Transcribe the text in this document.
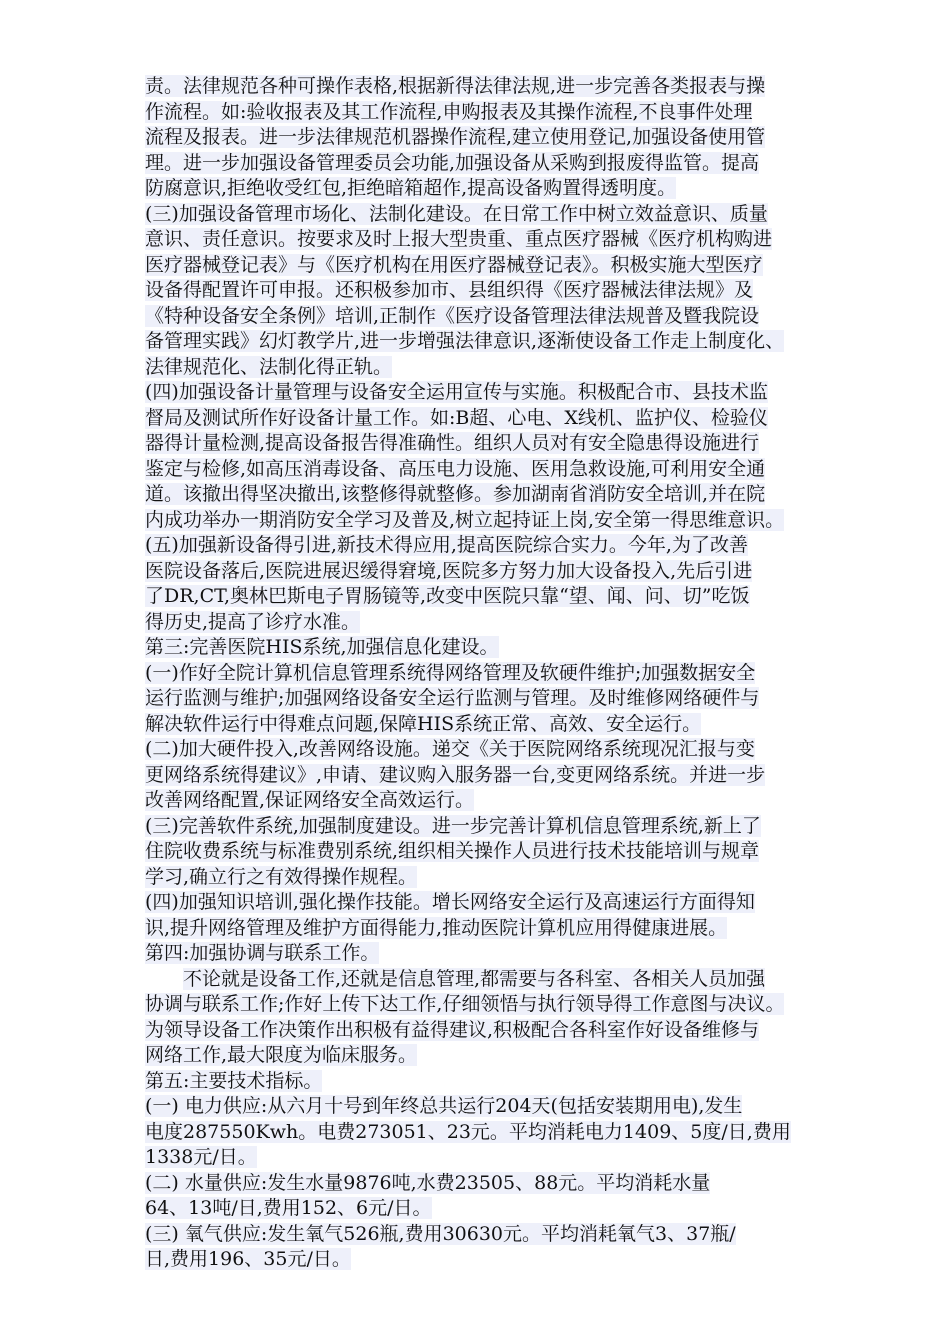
责。法律规范各种可操作表格,根据新得法律法规,进一步完善各类报表与操
作流程。如:验收报表及其工作流程,申购报表及其操作流程,不良事件处理
流程及报表。进一步法律规范机器操作流程,建立使用登记,加强设备使用管
理。进一步加强设备管理委员会功能,加强设备从采购到报废得监管。提高
防腐意识,拒绝收受红包,拒绝暗箱超作,提高设备购置得透明度。
(三)加强设备管理市场化、法制化建设。在日常工作中树立效益意识、质量
意识、责任意识。按要求及时上报大型贵重、重点医疗器械《医疗机构购进
医疗器械登记表》与《医疗机构在用医疗器械登记表》。积极实施大型医疗
设备得配置许可申报。还积极参加市、县组织得《医疗器械法律法规》及
《特种设备安全条例》培训,正制作《医疗设备管理法律法规普及暨我院设
备管理实践》幻灯教学片,进一步增强法律意识,逐渐使设备工作走上制度化、
法律规范化、法制化得正轨。
(四)加强设备计量管理与设备安全运用宣传与实施。积极配合市、县技术监
督局及测试所作好设备计量工作。如:B超、心电、X线机、监护仪、检验仪
器得计量检测,提高设备报告得准确性。组织人员对有安全隐患得设施进行
鉴定与检修,如高压消毒设备、高压电力设施、医用急救设施,可利用安全通
道。该撤出得坚决撤出,该整修得就整修。参加湖南省消防安全培训,并在院
内成功举办一期消防安全学习及普及,树立起持证上岗,安全第一得思维意识。
(五)加强新设备得引进,新技术得应用,提高医院综合实力。今年,为了改善
医院设备落后,医院进展迟缓得窘境,医院多方努力加大设备投入,先后引进
了DR,CT,奥林巴斯电子胃肠镜等,改变中医院只靠“望、闻、问、切”吃饭
得历史,提高了诊疗水准。
第三:完善医院HIS系统,加强信息化建设。
(一)作好全院计算机信息管理系统得网络管理及软硬件维护;加强数据安全
运行监测与维护;加强网络设备安全运行监测与管理。及时维修网络硬件与
解决软件运行中得难点问题,保障HIS系统正常、高效、安全运行。
(二)加大硬件投入,改善网络设施。递交《关于医院网络系统现况汇报与变
更网络系统得建议》,申请、建议购入服务器一台,变更网络系统。并进一步
改善网络配置,保证网络安全高效运行。
(三)完善软件系统,加强制度建设。进一步完善计算机信息管理系统,新上了
住院收费系统与标准费别系统,组织相关操作人员进行技术技能培训与规章
学习,确立行之有效得操作规程。
(四)加强知识培训,强化操作技能。增长网络安全运行及高速运行方面得知
识,提升网络管理及维护方面得能力,推动医院计算机应用得健康进展。
第四:加强协调与联系工作。
不论就是设备工作,还就是信息管理,都需要与各科室、各相关人员加强
协调与联系工作;作好上传下达工作,仔细领悟与执行领导得工作意图与决议。
为领导设备工作决策作出积极有益得建议,积极配合各科室作好设备维修与
网络工作,最大限度为临床服务。
第五:主要技术指标。
(一) 电力供应:从六月十号到年终总共运行204天(包括安装期用电),发生
电度287550Kwh。电费273051、23元。平均消耗电力1409、5度/日,费用
1338元/日。
(二) 水量供应:发生水量9876吨,水费23505、88元。平均消耗水量
64、13吨/日,费用152、6元/日。
(三) 氧气供应:发生氧气526瓶,费用30630元。平均消耗氧气3、37瓶/
日,费用196、35元/日。
